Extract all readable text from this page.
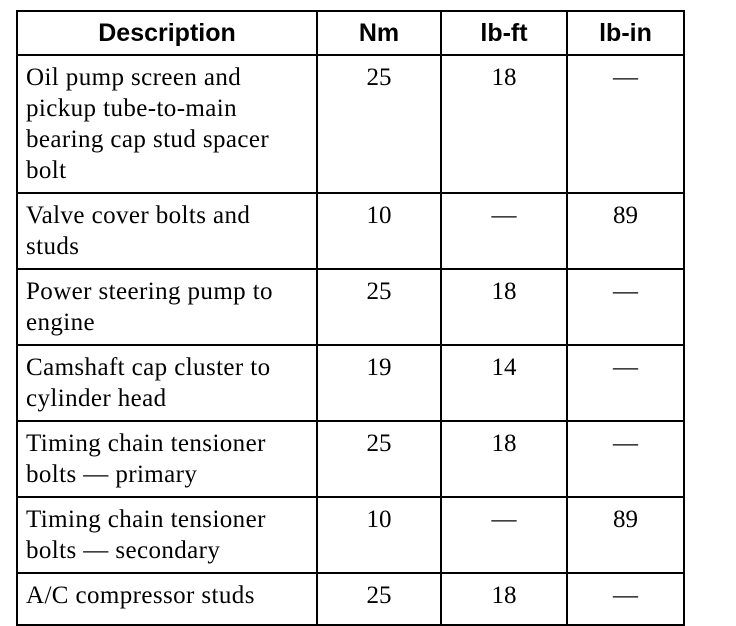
Description	Nm	lb-ft	lb-in
Oil pump screen and pickup tube-to-main bearing cap stud spacer bolt	25	18	—
Valve cover bolts and studs	10	—	89
Power steering pump to engine	25	18	—
Camshaft cap cluster to cylinder head	19	14	—
Timing chain tensioner bolts — primary	25	18	—
Timing chain tensioner bolts — secondary	10	—	89
A/C compressor studs	25	18	—
